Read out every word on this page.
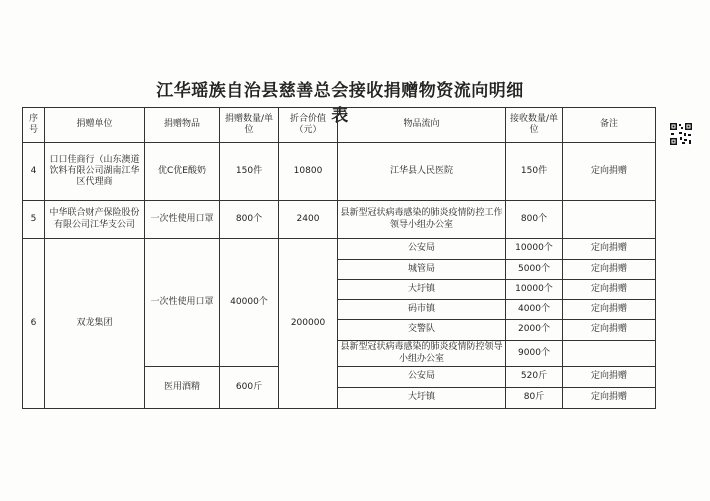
江华瑶族自治县慈善总会接收捐赠物资流向明细表
序号	捐赠单位	捐赠物品	捐赠数量/单位	折合价值（元）	物品流向	接收数量/单位	备注
4	口口佳商行（山东澳道饮料有限公司湖南江华区代理商	优C优E酸奶	150件	10800	江华县人民医院	150件	定向捐赠
5	中华联合财产保险股份有限公司江华支公司	一次性使用口罩	800个	2400	县新型冠状病毒感染的肺炎疫情防控工作领导小组办公室	800个	
6	双龙集团	一次性使用口罩	40000个	200000	公安局	10000个	定向捐赠
					城管局	5000个	定向捐赠
					大圩镇	10000个	定向捐赠
					码市镇	4000个	定向捐赠
					交警队	2000个	定向捐赠
					县新型冠状病毒感染的肺炎疫情防控领导小组办公室	9000个	
		医用酒精	600斤		公安局	520斤	定向捐赠
					大圩镇	80斤	定向捐赠
